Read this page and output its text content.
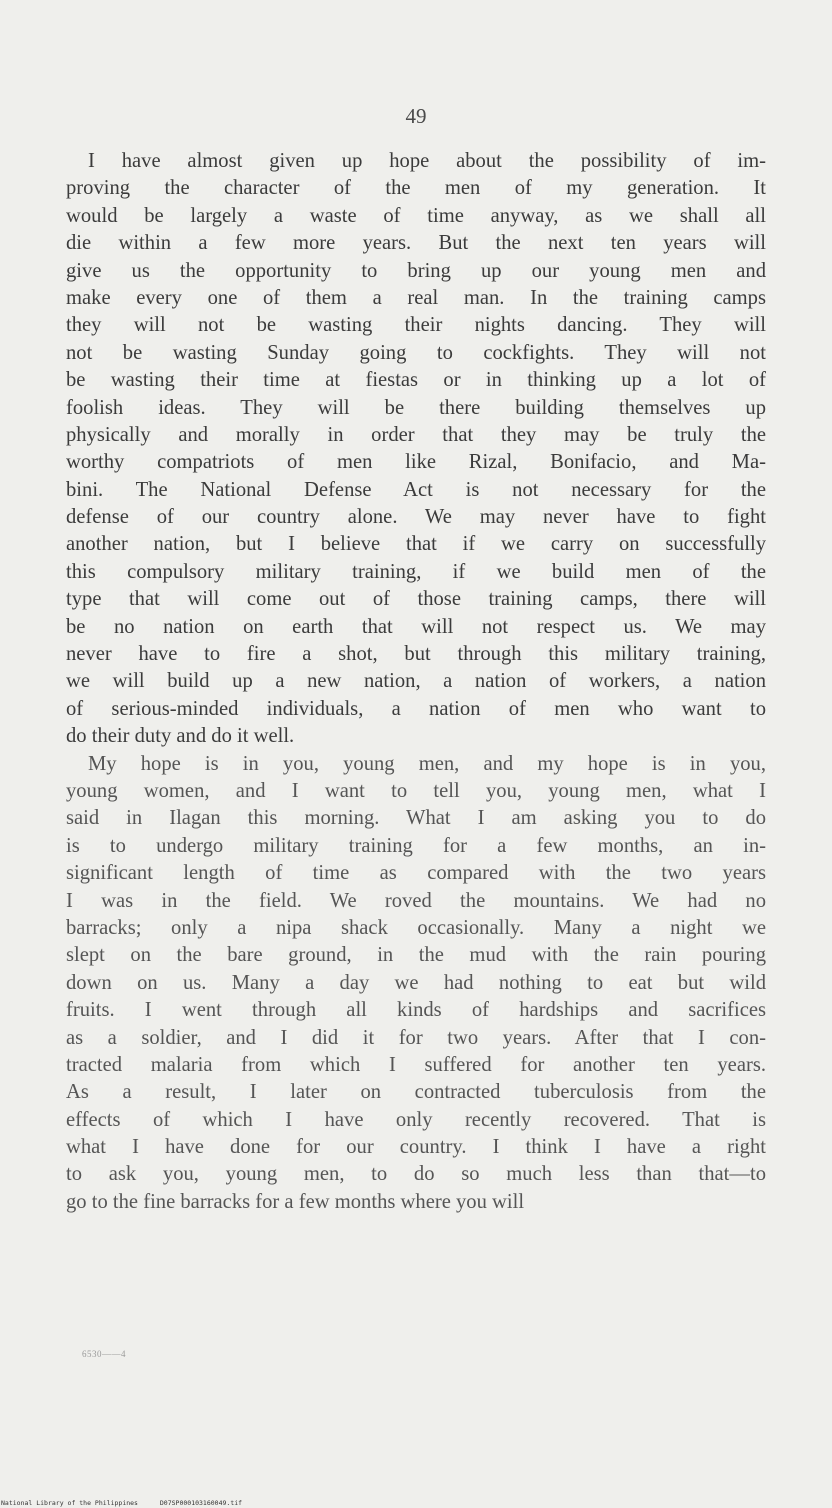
49
I have almost given up hope about the possibility of im-
proving the character of the men of my generation. It
would be largely a waste of time anyway, as we shall all
die within a few more years. But the next ten years will
give us the opportunity to bring up our young men and
make every one of them a real man. In the training camps
they will not be wasting their nights dancing. They will
not be wasting Sunday going to cockfights. They will not
be wasting their time at fiestas or in thinking up a lot of
foolish ideas. They will be there building themselves up
physically and morally in order that they may be truly the
worthy compatriots of men like Rizal, Bonifacio, and Ma-
bini. The National Defense Act is not necessary for the
defense of our country alone. We may never have to fight
another nation, but I believe that if we carry on successfully
this compulsory military training, if we build men of the
type that will come out of those training camps, there will
be no nation on earth that will not respect us. We may
never have to fire a shot, but through this military training,
we will build up a new nation, a nation of workers, a nation
of serious-minded individuals, a nation of men who want to
do their duty and do it well.
My hope is in you, young men, and my hope is in you,
young women, and I want to tell you, young men, what I
said in Ilagan this morning. What I am asking you to do
is to undergo military training for a few months, an in-
significant length of time as compared with the two years
I was in the field. We roved the mountains. We had no
barracks; only a nipa shack occasionally. Many a night we
slept on the bare ground, in the mud with the rain pouring
down on us. Many a day we had nothing to eat but wild
fruits. I went through all kinds of hardships and sacrifices
as a soldier, and I did it for two years. After that I con-
tracted malaria from which I suffered for another ten years.
As a result, I later on contracted tuberculosis from the
effects of which I have only recently recovered. That is
what I have done for our country. I think I have a right
to ask you, young men, to do so much less than that—to
go to the fine barracks for a few months where you will
6530——4
National Library of the Philippines	D07SP000103160049.tif
